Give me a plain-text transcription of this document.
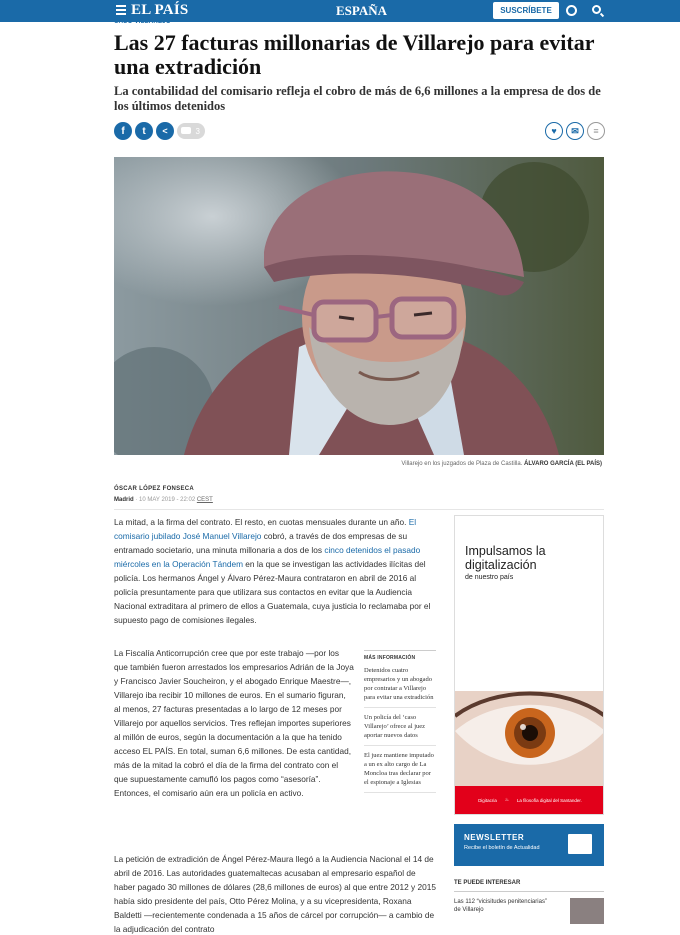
EL PAÍS	ESPAÑA	SUSCRÍBETE
CASO VILLAREJO
Las 27 facturas millonarias de Villarejo para evitar una extradición
La contabilidad del comisario refleja el cobro de más de 6,6 millones a la empresa de dos de los últimos detenidos
f	t	<	3	♥	✉	≡
Villarejo en los juzgados de Plaza de Castilla. ÁLVARO GARCÍA (EL PAÍS)
ÓSCAR LÓPEZ FONSECA
Madrid · 10 MAY 2019 - 22:02 CEST

La mitad, a la firma del contrato. El resto, en cuotas mensuales durante un año. El comisario jubilado José Manuel Villarejo cobró, a través de dos empresas de su entramado societario, una minuta millonaria a dos de los cinco detenidos el pasado miércoles en la Operación Tándem en la que se investigan las actividades ilícitas del policía. Los hermanos Ángel y Álvaro Pérez-Maura contrataron en abril de 2016 al policía presuntamente para que utilizara sus contactos en evitar que la Audiencia Nacional extraditara al primero de ellos a Guatemala, cuya justicia lo reclamaba por el supuesto pago de comisiones ilegales.

La Fiscalía Anticorrupción cree que por este trabajo —por los que también fueron arrestados los empresarios Adrián de la Joya y Francisco Javier Soucheiron, y el abogado Enrique Maestre—, Villarejo iba recibir 10 millones de euros. En el sumario figuran, al menos, 27 facturas presentadas a lo largo de 12 meses por Villarejo por aquellos servicios. Tres reflejan importes superiores al millón de euros, según la documentación a la que ha tenido acceso EL PAÍS. En total, suman 6,6 millones. De esta cantidad, más de la mitad la cobró el día de la firma del contrato con el que supuestamente camufló los pagos como “asesoría”. Entonces, el comisario aún era un policía en activo.

La petición de extradición de Ángel Pérez-Maura llegó a la Audiencia Nacional el 14 de abril de 2016. Las autoridades guatemaltecas acusaban al empresario español de haber pagado 30 millones de dólares (28,6 millones de euros) al que entre 2012 y 2015 había sido presidente del país, Otto Pérez Molina, y a su vicepresidenta, Roxana Baldetti —recientemente condenada a 15 años de cárcel por corrupción— a cambio de la adjudicación del contrato

MÁS INFORMACIÓN
Detenidos cuatro empresarios y un abogado por contratar a Villarejo para evitar una extradición
Un policía del ‘caso Villarejo’ ofrece al juez aportar nuevos datos
El juez mantiene imputado a un ex alto cargo de La Moncloa tras declarar por el espionaje a Iglesias
Impulsamos la digitalización
de nuestro país
Digitacria ♨ La filosofía digital del Santander.
NEWSLETTER
Recibe el boletín de Actualidad
TE PUEDE INTERESAR
Las 112 “vicisitudes penitenciarias” de Villarejo
